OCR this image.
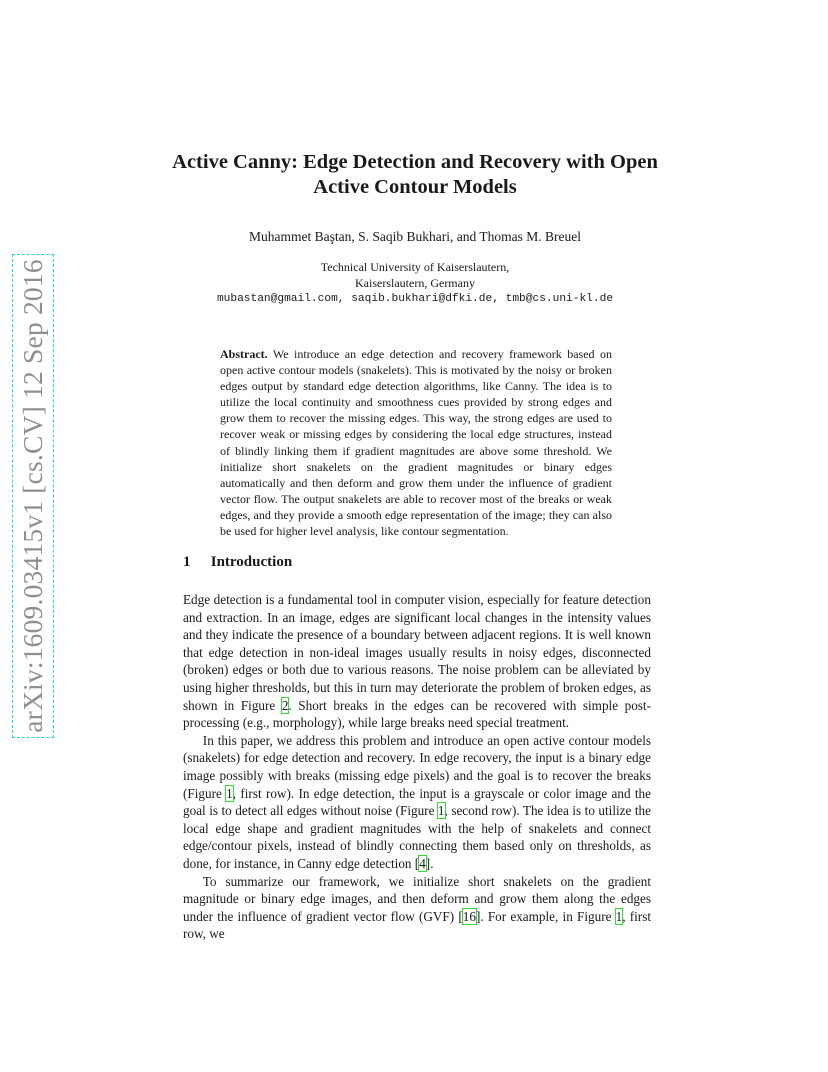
arXiv:1609.03415v1 [cs.CV] 12 Sep 2016
Active Canny: Edge Detection and Recovery with Open
Active Contour Models
Muhammet Baştan, S. Saqib Bukhari, and Thomas M. Breuel
Technical University of Kaiserslautern,
Kaiserslautern, Germany
mubastan@gmail.com, saqib.bukhari@dfki.de, tmb@cs.uni-kl.de
Abstract. We introduce an edge detection and recovery framework based on open active contour models (snakelets). This is motivated by the noisy or broken edges output by standard edge detection algorithms, like Canny. The idea is to utilize the local continuity and smoothness cues provided by strong edges and grow them to recover the missing edges. This way, the strong edges are used to recover weak or missing edges by considering the local edge structures, instead of blindly linking them if gradient magnitudes are above some threshold. We initialize short snakelets on the gradient magnitudes or binary edges automatically and then deform and grow them under the influence of gradient vector flow. The output snakelets are able to recover most of the breaks or weak edges, and they provide a smooth edge representation of the image; they can also be used for higher level analysis, like contour segmentation.
1 Introduction

Edge detection is a fundamental tool in computer vision, especially for feature detection and extraction. In an image, edges are significant local changes in the intensity values and they indicate the presence of a boundary between adjacent regions. It is well known that edge detection in non-ideal images usually results in noisy edges, disconnected (broken) edges or both due to various reasons. The noise problem can be alleviated by using higher thresholds, but this in turn may deteriorate the problem of broken edges, as shown in Figure 2. Short breaks in the edges can be recovered with simple post-processing (e.g., morphology), while large breaks need special treatment.

In this paper, we address this problem and introduce an open active contour models (snakelets) for edge detection and recovery. In edge recovery, the input is a binary edge image possibly with breaks (missing edge pixels) and the goal is to recover the breaks (Figure 1, first row). In edge detection, the input is a grayscale or color image and the goal is to detect all edges without noise (Figure 1, second row). The idea is to utilize the local edge shape and gradient magnitudes with the help of snakelets and connect edge/contour pixels, instead of blindly connecting them based only on thresholds, as done, for instance, in Canny edge detection [4].

To summarize our framework, we initialize short snakelets on the gradient magnitude or binary edge images, and then deform and grow them along the edges under the influence of gradient vector flow (GVF) [16]. For example, in Figure 1, first row, we
